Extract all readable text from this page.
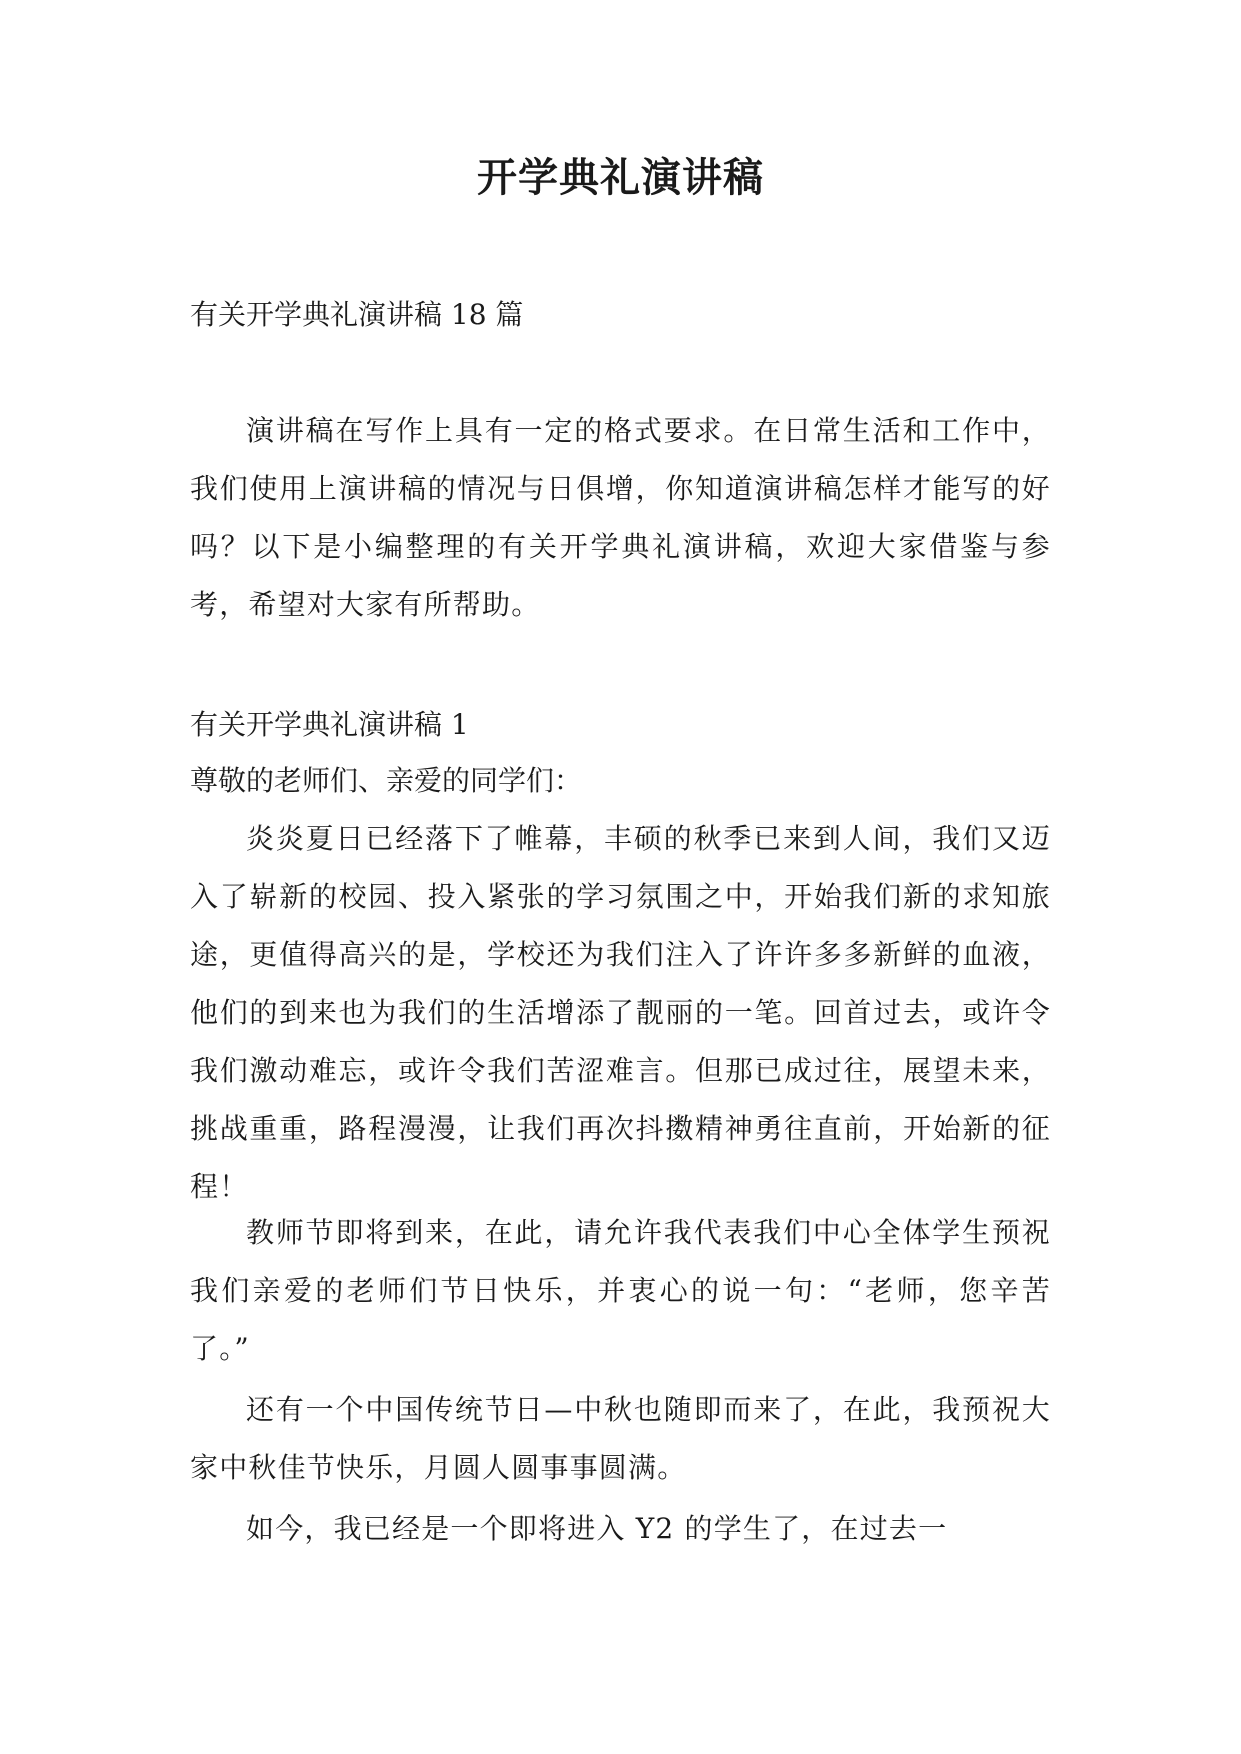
开学典礼演讲稿
有关开学典礼演讲稿 18 篇
演讲稿在写作上具有一定的格式要求。在日常生活和工作中，我们使用上演讲稿的情况与日俱增，你知道演讲稿怎样才能写的好吗？以下是小编整理的有关开学典礼演讲稿，欢迎大家借鉴与参考，希望对大家有所帮助。
有关开学典礼演讲稿 1
尊敬的老师们、亲爱的同学们：
炎炎夏日已经落下了帷幕，丰硕的秋季已来到人间，我们又迈入了崭新的校园、投入紧张的学习氛围之中，开始我们新的求知旅途，更值得高兴的是，学校还为我们注入了许许多多新鲜的血液，他们的到来也为我们的生活增添了靓丽的一笔。回首过去，或许令我们激动难忘，或许令我们苦涩难言。但那已成过往，展望未来，挑战重重，路程漫漫，让我们再次抖擞精神勇往直前，开始新的征程！
教师节即将到来，在此，请允许我代表我们中心全体学生预祝我们亲爱的老师们节日快乐，并衷心的说一句：“老师，您辛苦了。”
还有一个中国传统节日—中秋也随即而来了，在此，我预祝大家中秋佳节快乐，月圆人圆事事圆满。
如今，我已经是一个即将进入 Y2 的学生了，在过去一
